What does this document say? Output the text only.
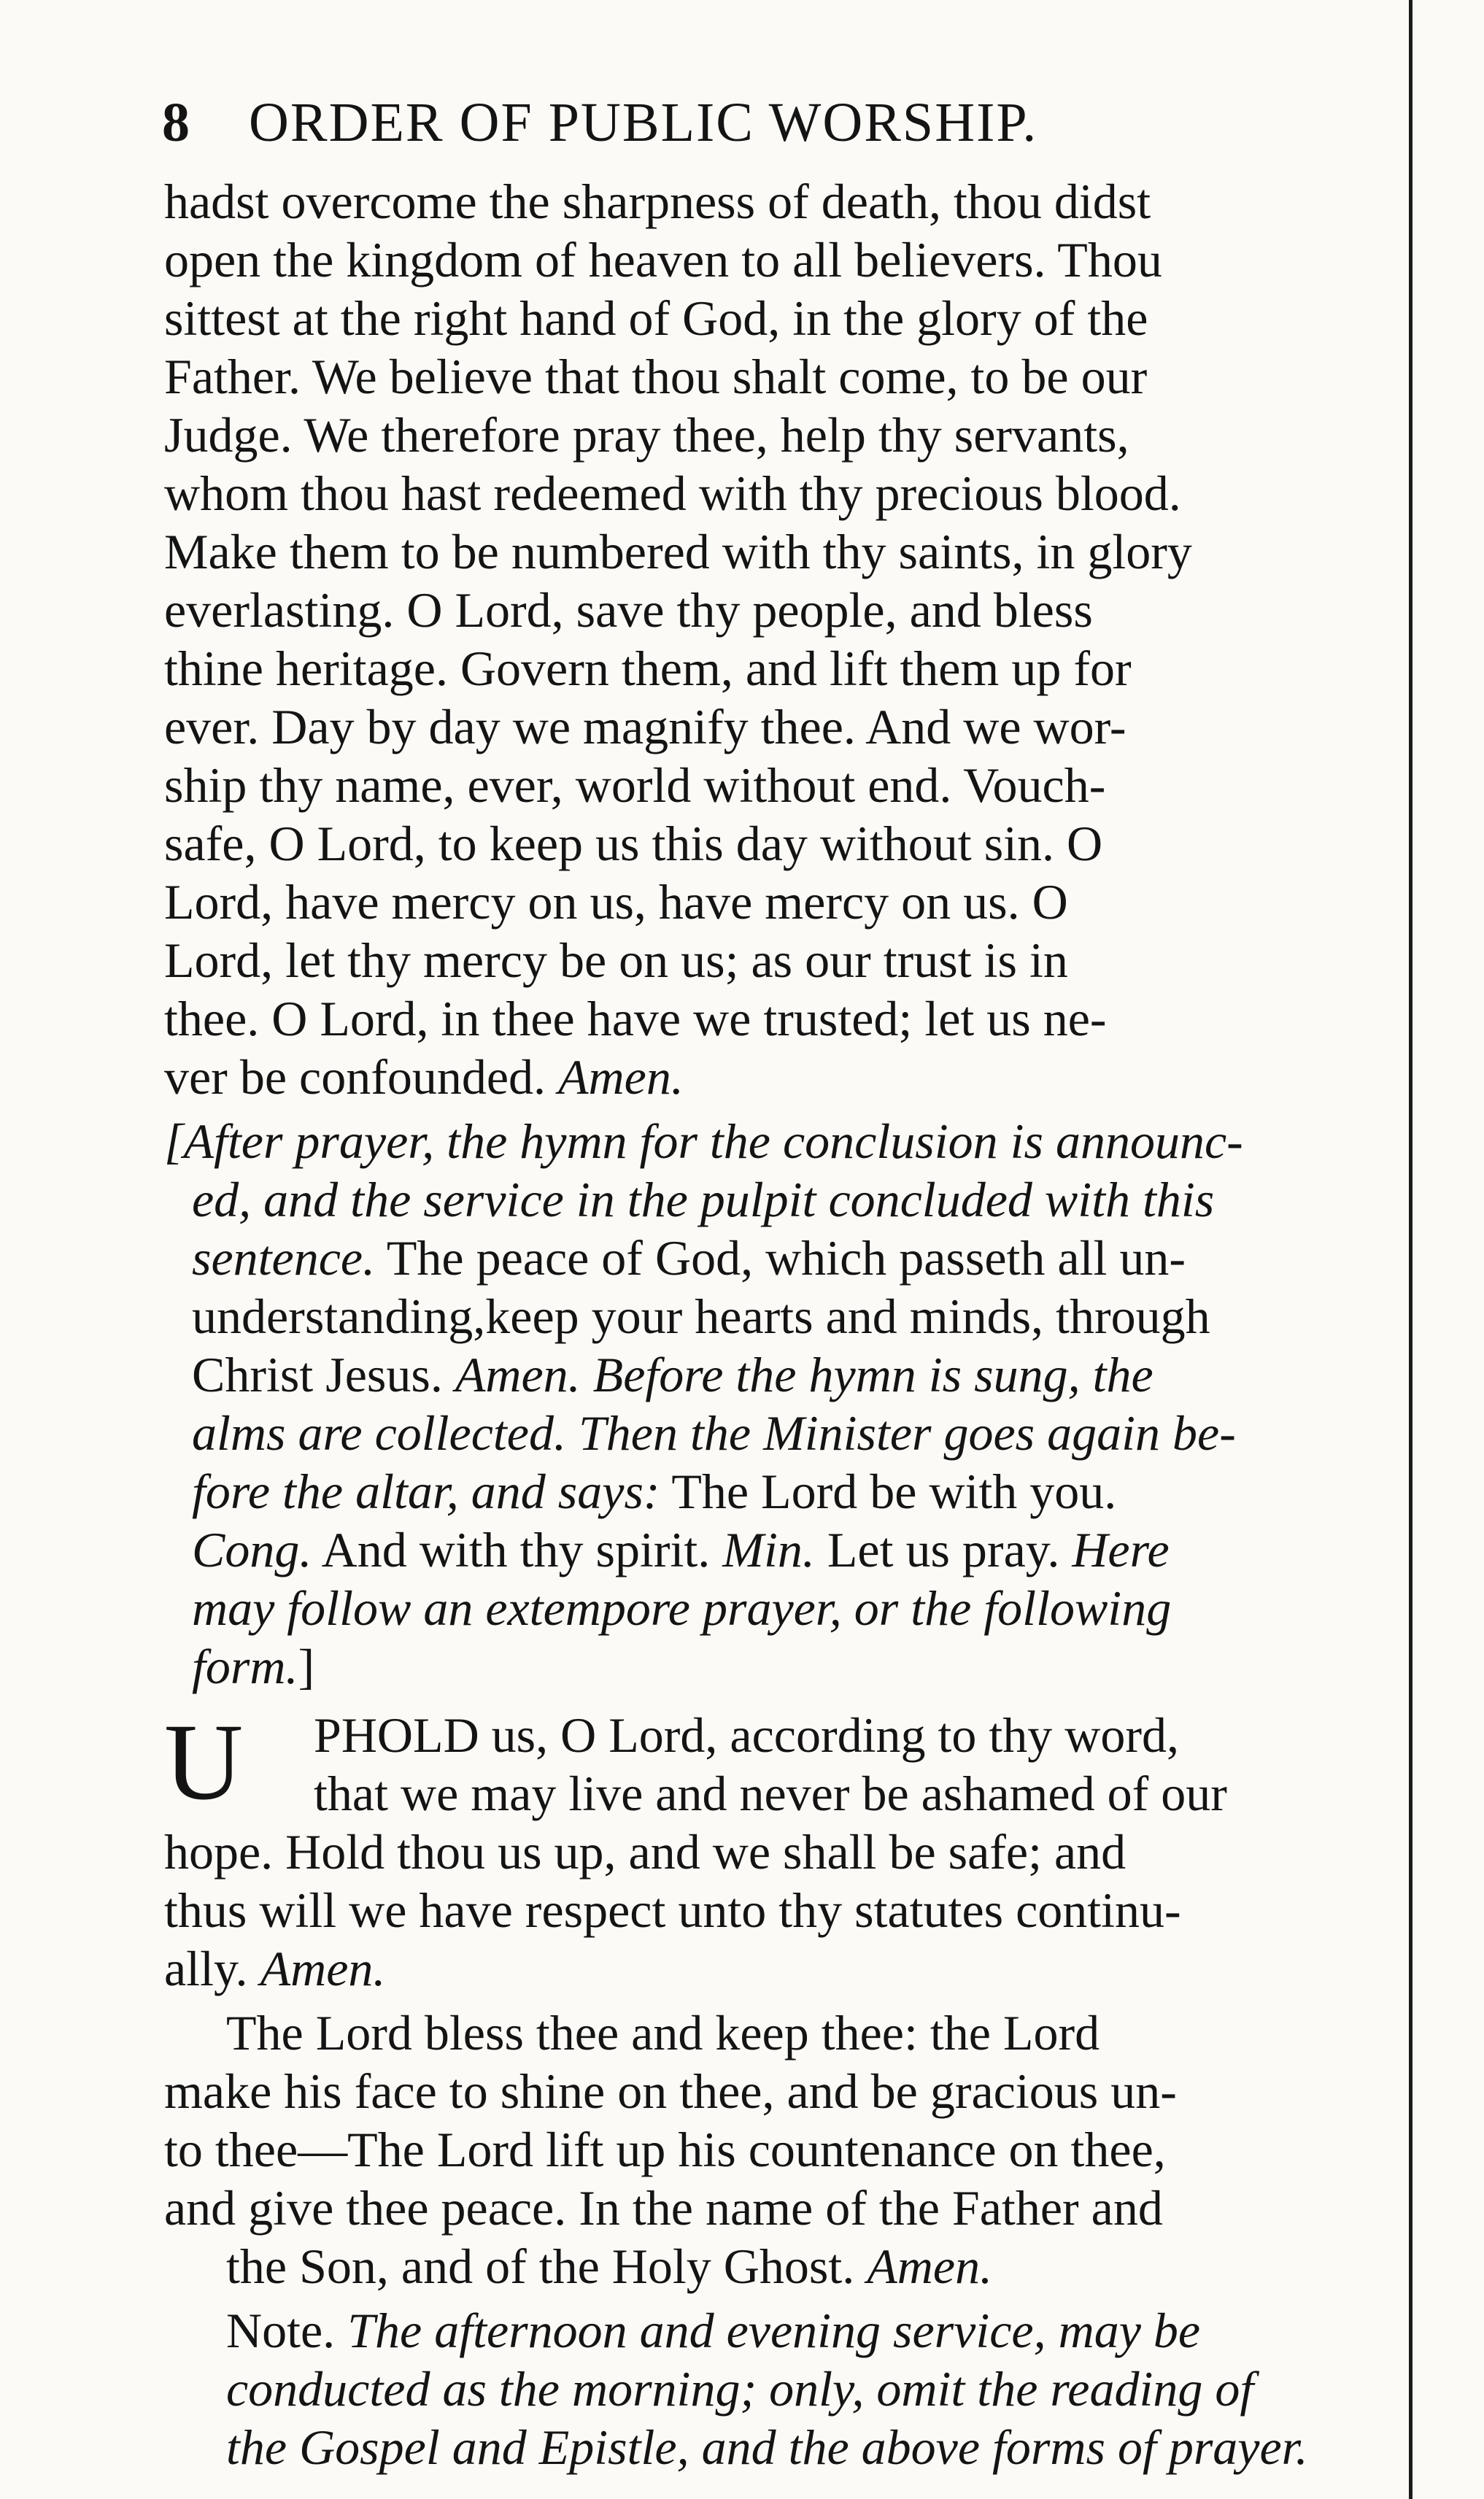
8 ORDER OF PUBLIC WORSHIP.
hadst overcome the sharpness of death, thou didst
open the kingdom of heaven to all believers. Thou
sittest at the right hand of God, in the glory of the
Father. We believe that thou shalt come, to be our
Judge. We therefore pray thee, help thy servants,
whom thou hast redeemed with thy precious blood.
Make them to be numbered with thy saints, in glory
everlasting. O Lord, save thy people, and bless
thine heritage. Govern them, and lift them up for
ever. Day by day we magnify thee. And we wor-
ship thy name, ever, world without end. Vouch-
safe, O Lord, to keep us this day without sin. O
Lord, have mercy on us, have mercy on us. O
Lord, let thy mercy be on us; as our trust is in
thee. O Lord, in thee have we trusted; let us ne-
ver be confounded. Amen.
[After prayer, the hymn for the conclusion is announc-
ed, and the service in the pulpit concluded with this
sentence. The peace of God, which passeth all un-
understanding,keep your hearts and minds, through
Christ Jesus. Amen. Before the hymn is sung, the
alms are collected. Then the Minister goes again be-
fore the altar, and says: The Lord be with you.
Cong. And with thy spirit. Min. Let us pray. Here
may follow an extempore prayer, or the following
form.]
U PHOLD us, O Lord, according to thy word,
that we may live and never be ashamed of our
hope. Hold thou us up, and we shall be safe; and
thus will we have respect unto thy statutes continu-
ally. Amen.
The Lord bless thee and keep thee: the Lord
make his face to shine on thee, and be gracious un-
to thee—The Lord lift up his countenance on thee,
and give thee peace. In the name of the Father and
the Son, and of the Holy Ghost. Amen.
Note. The afternoon and evening service, may be
conducted as the morning; only, omit the reading of
the Gospel and Epistle, and the above forms of prayer.
